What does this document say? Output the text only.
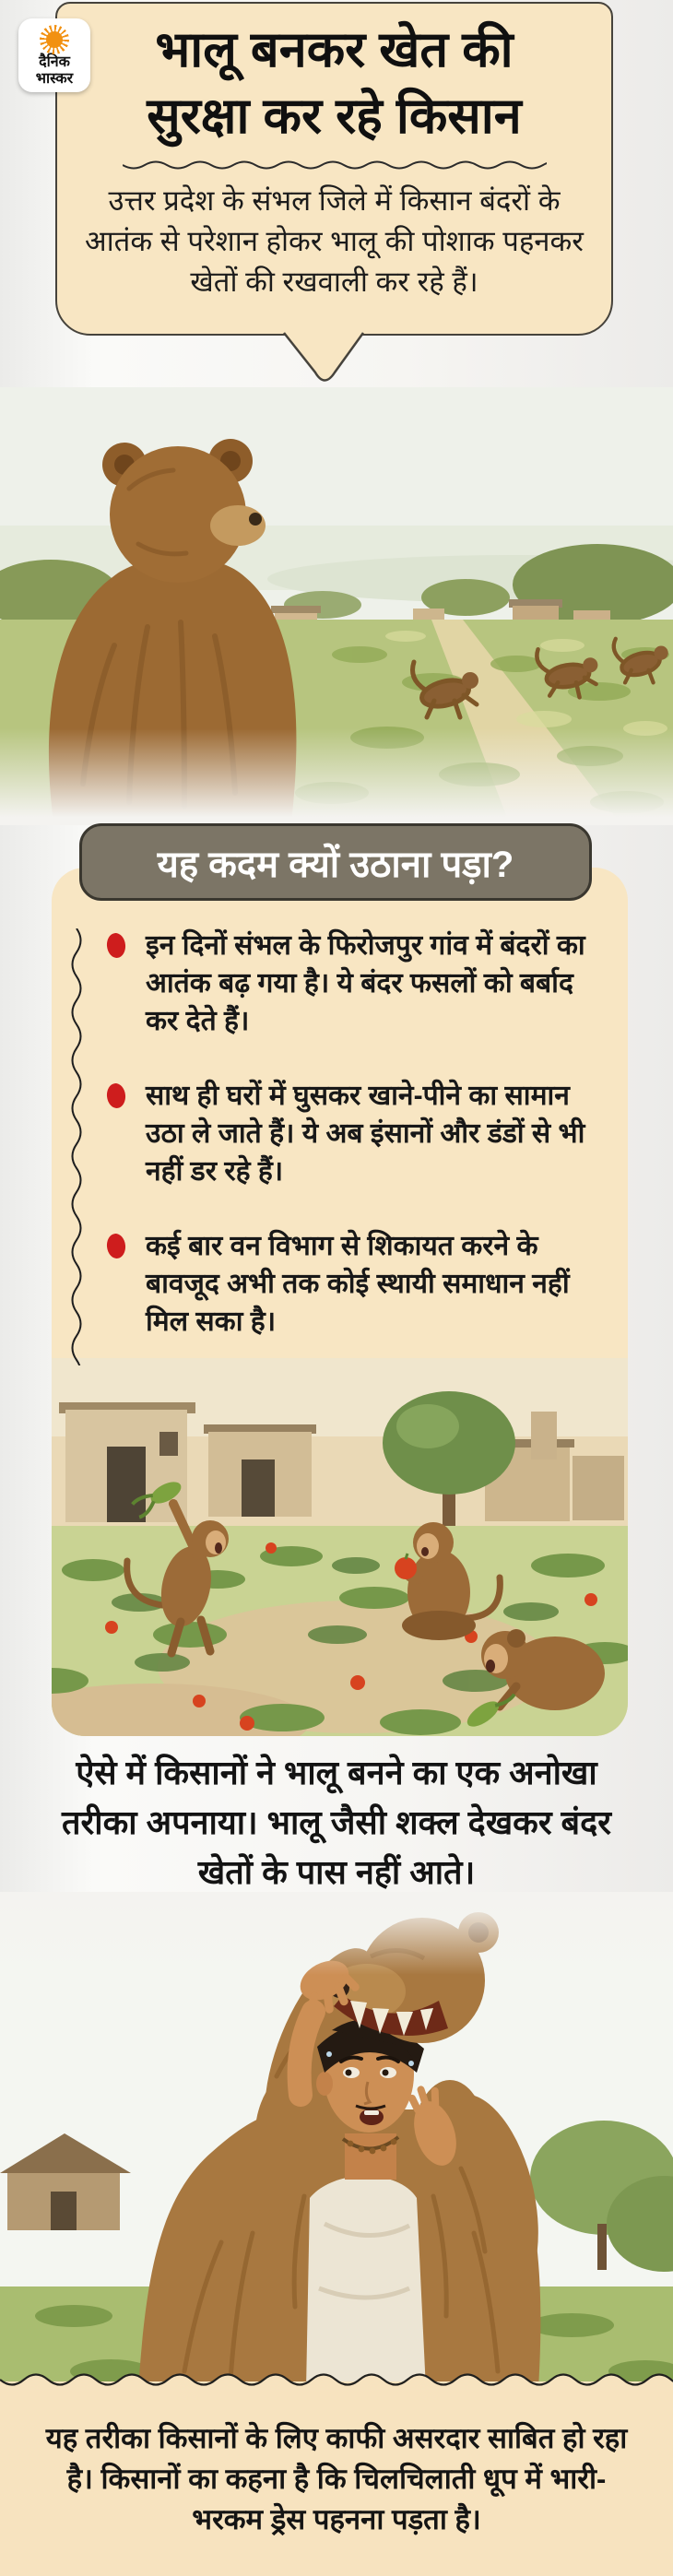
दैनिक
भास्कर
भालू बनकर खेत की
सुरक्षा कर रहे किसान
उत्तर प्रदेश के संभल जिले में किसान बंदरों के आतंक से परेशान होकर भालू की पोशाक पहनकर खेतों की रखवाली कर रहे हैं।
यह कदम क्यों उठाना पड़ा?
इन दिनों संभल के फिरोजपुर गांव में बंदरों का आतंक बढ़ गया है। ये बंदर फसलों को बर्बाद कर देते हैं।
साथ ही घरों में घुसकर खाने-पीने का सामान उठा ले जाते हैं। ये अब इंसानों और डंडों से भी नहीं डर रहे हैं।
कई बार वन विभाग से शिकायत करने के बावजूद अभी तक कोई स्थायी समाधान नहीं मिल सका है।
ऐसे में किसानों ने भालू बनने का एक अनोखा तरीका अपनाया। भालू जैसी शक्ल देखकर बंदर खेतों के पास नहीं आते।
यह तरीका किसानों के लिए काफी असरदार साबित हो रहा है। किसानों का कहना है कि चिलचिलाती धूप में भारी-भरकम ड्रेस पहनना पड़ता है।
